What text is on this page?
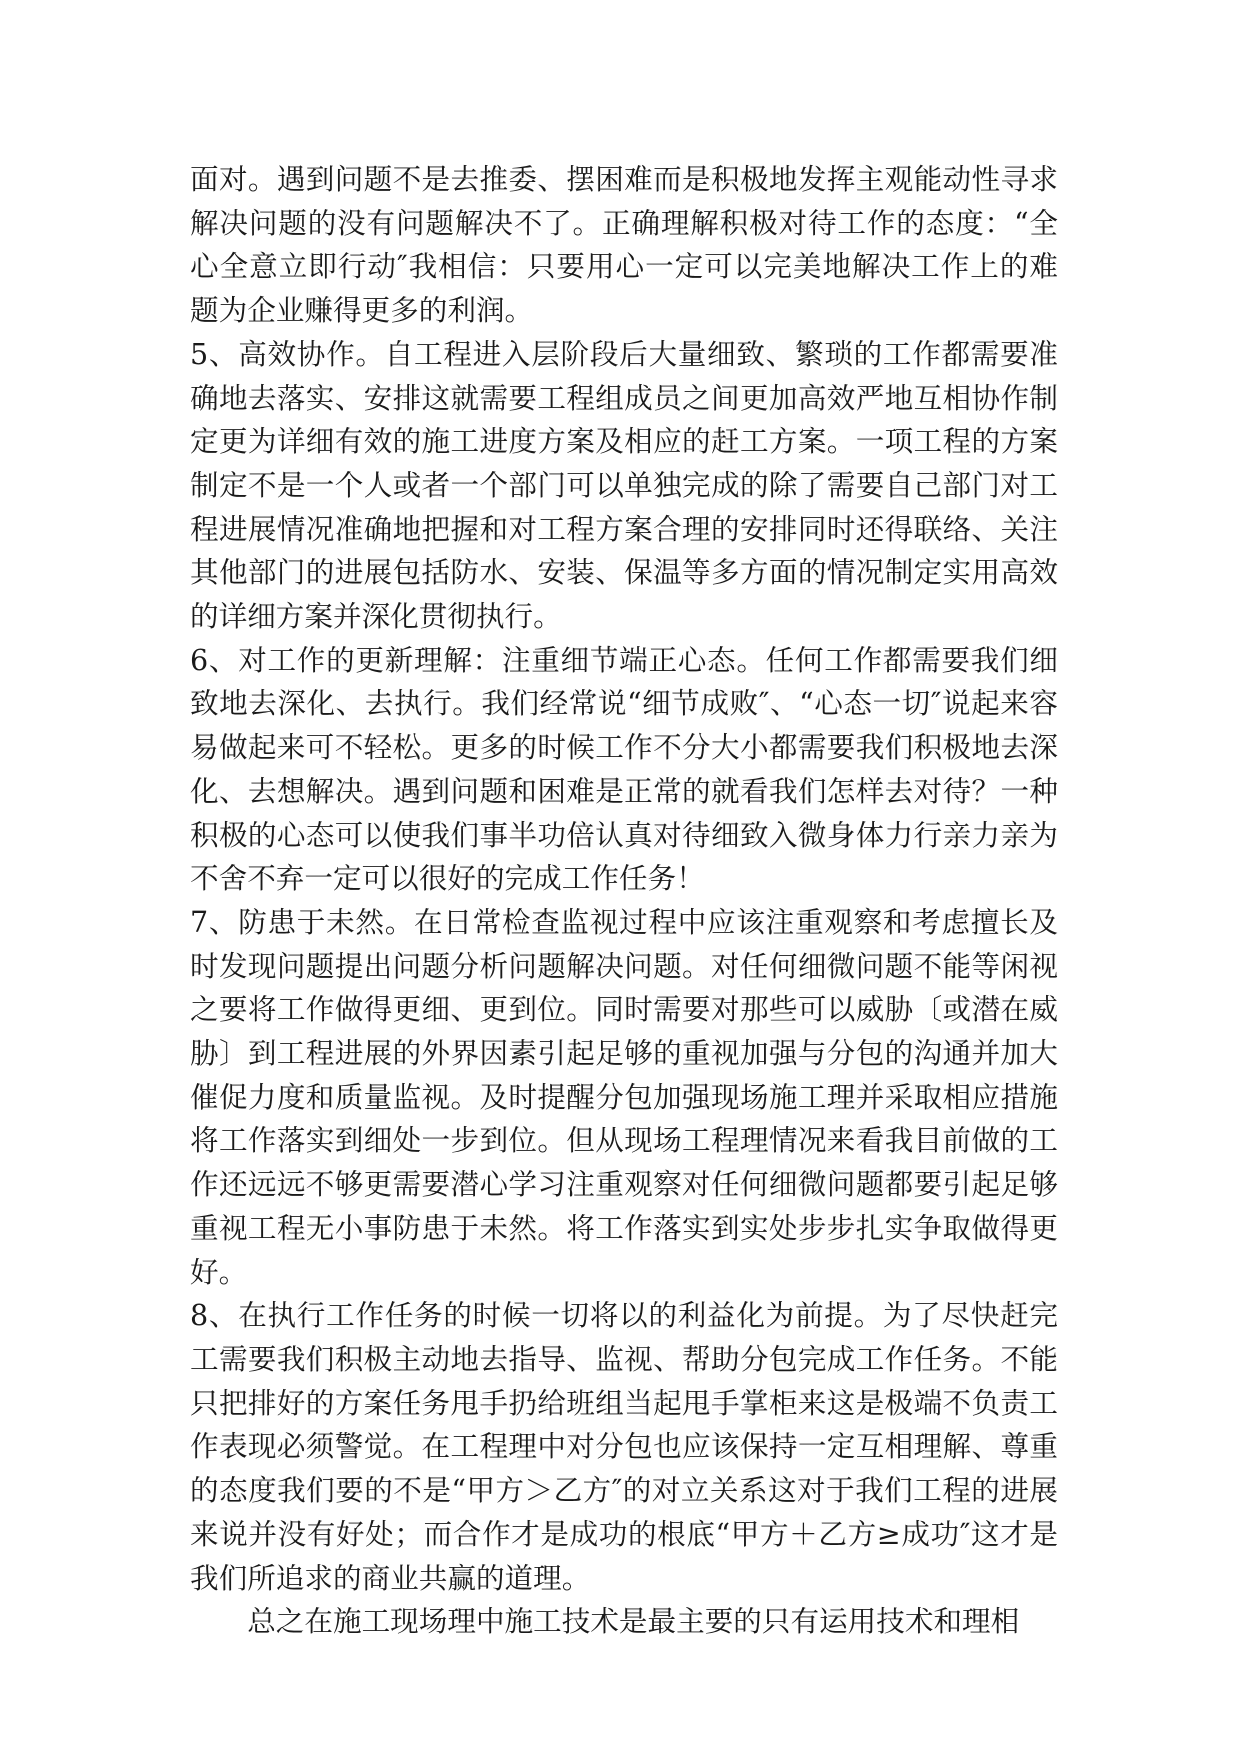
面对。遇到问题不是去推委、摆困难而是积极地发挥主观能动性寻求解决问题的没有问题解决不了。正确理解积极对待工作的态度：“全心全意立即行动″我相信：只要用心一定可以完美地解决工作上的难题为企业赚得更多的利润。

5、高效协作。自工程进入层阶段后大量细致、繁琐的工作都需要准确地去落实、安排这就需要工程组成员之间更加高效严地互相协作制定更为详细有效的施工进度方案及相应的赶工方案。一项工程的方案制定不是一个人或者一个部门可以单独完成的除了需要自己部门对工程进展情况准确地把握和对工程方案合理的安排同时还得联络、关注其他部门的进展包括防水、安装、保温等多方面的情况制定实用高效的详细方案并深化贯彻执行。

6、对工作的更新理解：注重细节端正心态。任何工作都需要我们细致地去深化、去执行。我们经常说“细节成败″、“心态一切″说起来容易做起来可不轻松。更多的时候工作不分大小都需要我们积极地去深化、去想解决。遇到问题和困难是正常的就看我们怎样去对待？一种积极的心态可以使我们事半功倍认真对待细致入微身体力行亲力亲为不舍不弃一定可以很好的完成工作任务！

7、防患于未然。在日常检查监视过程中应该注重观察和考虑擅长及时发现问题提出问题分析问题解决问题。对任何细微问题不能等闲视之要将工作做得更细、更到位。同时需要对那些可以威胁〔或潜在威胁〕到工程进展的外界因素引起足够的重视加强与分包的沟通并加大催促力度和质量监视。及时提醒分包加强现场施工理并采取相应措施将工作落实到细处一步到位。但从现场工程理情况来看我目前做的工作还远远不够更需要潜心学习注重观察对任何细微问题都要引起足够重视工程无小事防患于未然。将工作落实到实处步步扎实争取做得更好。

8、在执行工作任务的时候一切将以的利益化为前提。为了尽快赶完工需要我们积极主动地去指导、监视、帮助分包完成工作任务。不能只把排好的方案任务甩手扔给班组当起甩手掌柜来这是极端不负责工作表现必须警觉。在工程理中对分包也应该保持一定互相理解、尊重的态度我们要的不是“甲方＞乙方″的对立关系这对于我们工程的进展来说并没有好处；而合作才是成功的根底“甲方＋乙方≥成功″这才是我们所追求的商业共赢的道理。

总之在施工现场理中施工技术是最主要的只有运用技术和理相
